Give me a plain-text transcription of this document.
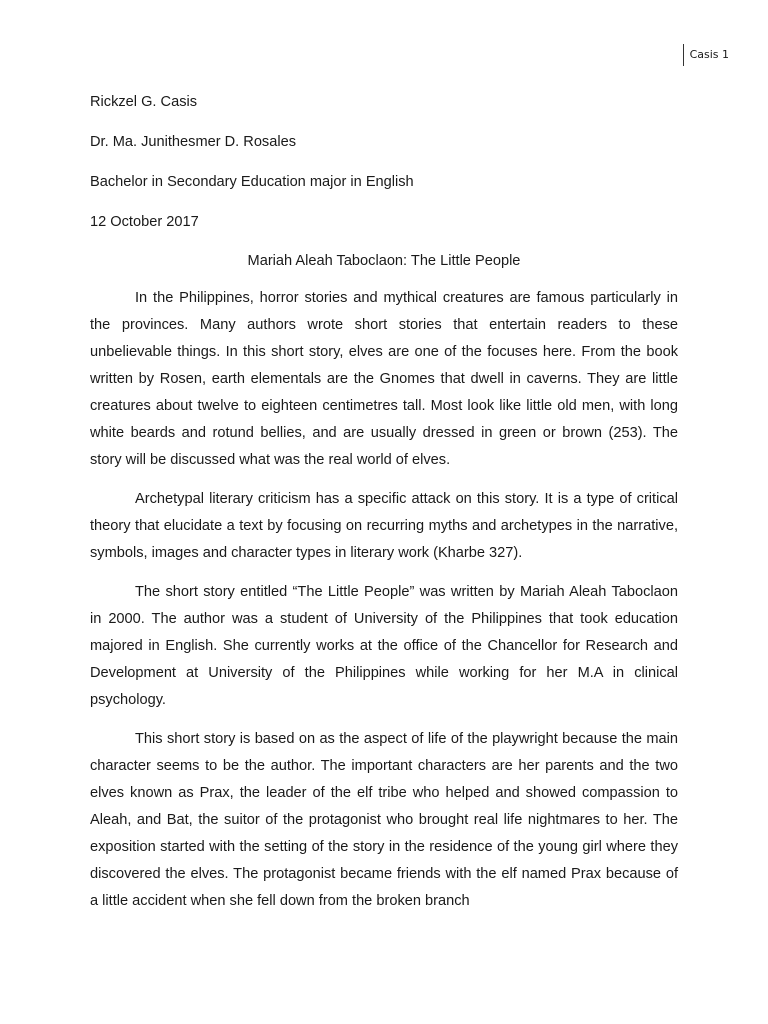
Casis 1
Rickzel G. Casis
Dr. Ma. Junithesmer D. Rosales
Bachelor in Secondary Education major in English
12 October 2017
Mariah Aleah Taboclaon: The Little People

In the Philippines, horror stories and mythical creatures are famous particularly in the provinces. Many authors wrote short stories that entertain readers to these unbelievable things. In this short story, elves are one of the focuses here. From the book written by Rosen, earth elementals are the Gnomes that dwell in caverns. They are little creatures about twelve to eighteen centimetres tall. Most look like little old men, with long white beards and rotund bellies, and are usually dressed in green or brown (253). The story will be discussed what was the real world of elves.

Archetypal literary criticism has a specific attack on this story. It is a type of critical theory that elucidate a text by focusing on recurring myths and archetypes in the narrative, symbols, images and character types in literary work (Kharbe 327).

The short story entitled “The Little People” was written by Mariah Aleah Taboclaon in 2000. The author was a student of University of the Philippines that took education majored in English. She currently works at the office of the Chancellor for Research and Development at University of the Philippines while working for her M.A in clinical psychology.

This short story is based on as the aspect of life of the playwright because the main character seems to be the author. The important characters are her parents and the two elves known as Prax, the leader of the elf tribe who helped and showed compassion to Aleah, and Bat, the suitor of the protagonist who brought real life nightmares to her. The exposition started with the setting of the story in the residence of the young girl where they discovered the elves. The protagonist became friends with the elf named Prax because of a little accident when she fell down from the broken branch
